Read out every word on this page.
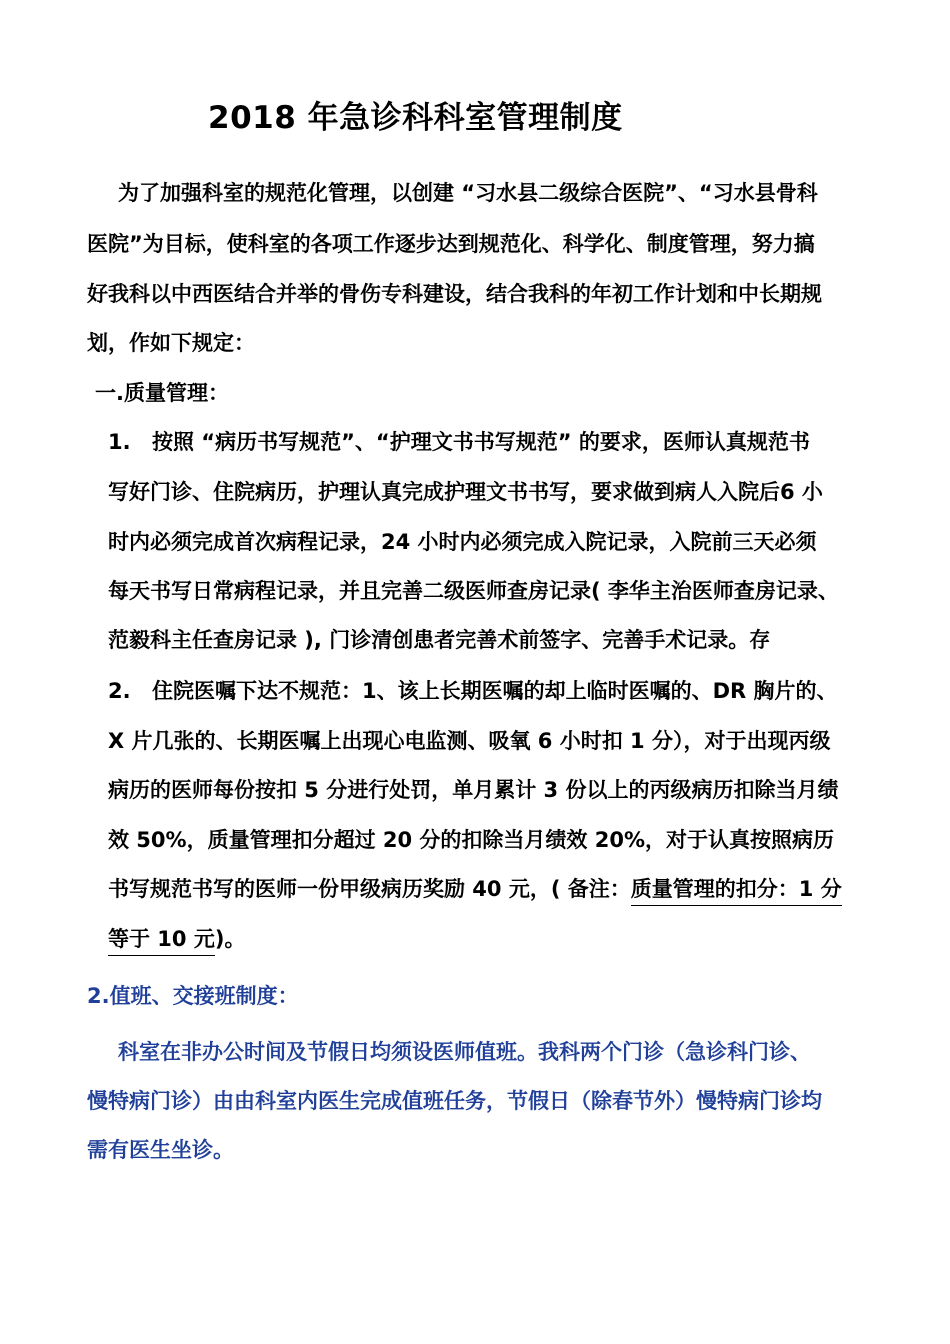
2018 年急诊科科室管理制度
为了加强科室的规范化管理，以创建 “习水县二级综合医院”、“习水县骨科
医院”为目标，使科室的各项工作逐步达到规范化、科学化、制度管理，努力搞
好我科以中西医结合并举的骨伤专科建设，结合我科的年初工作计划和中长期规
划，作如下规定：
一.质量管理：
1. 按照 “病历书写规范”、“护理文书书写规范” 的要求，医师认真规范书
写好门诊、住院病历，护理认真完成护理文书书写，要求做到病人入院后6 小
时内必须完成首次病程记录，24 小时内必须完成入院记录，入院前三天必须
每天书写日常病程记录，并且完善二级医师查房记录( 李华主治医师查房记录、
范毅科主任查房记录 ), 门诊清创患者完善术前签字、完善手术记录。存
2. 住院医嘱下达不规范：1、该上长期医嘱的却上临时医嘱的、DR 胸片的、
X 片几张的、长期医嘱上出现心电监测、吸氧 6 小时扣 1 分），对于出现丙级
病历的医师每份按扣 5 分进行处罚，单月累计 3 份以上的丙级病历扣除当月绩
效 50%，质量管理扣分超过 20 分的扣除当月绩效 20%，对于认真按照病历
书写规范书写的医师一份甲级病历奖励 40 元，( 备注：质量管理的扣分：1 分
等于 10 元)。
2.值班、交接班制度：
科室在非办公时间及节假日均须设医师值班。我科两个门诊（急诊科门诊、
慢特病门诊）由由科室内医生完成值班任务，节假日（除春节外）慢特病门诊均
需有医生坐诊。
